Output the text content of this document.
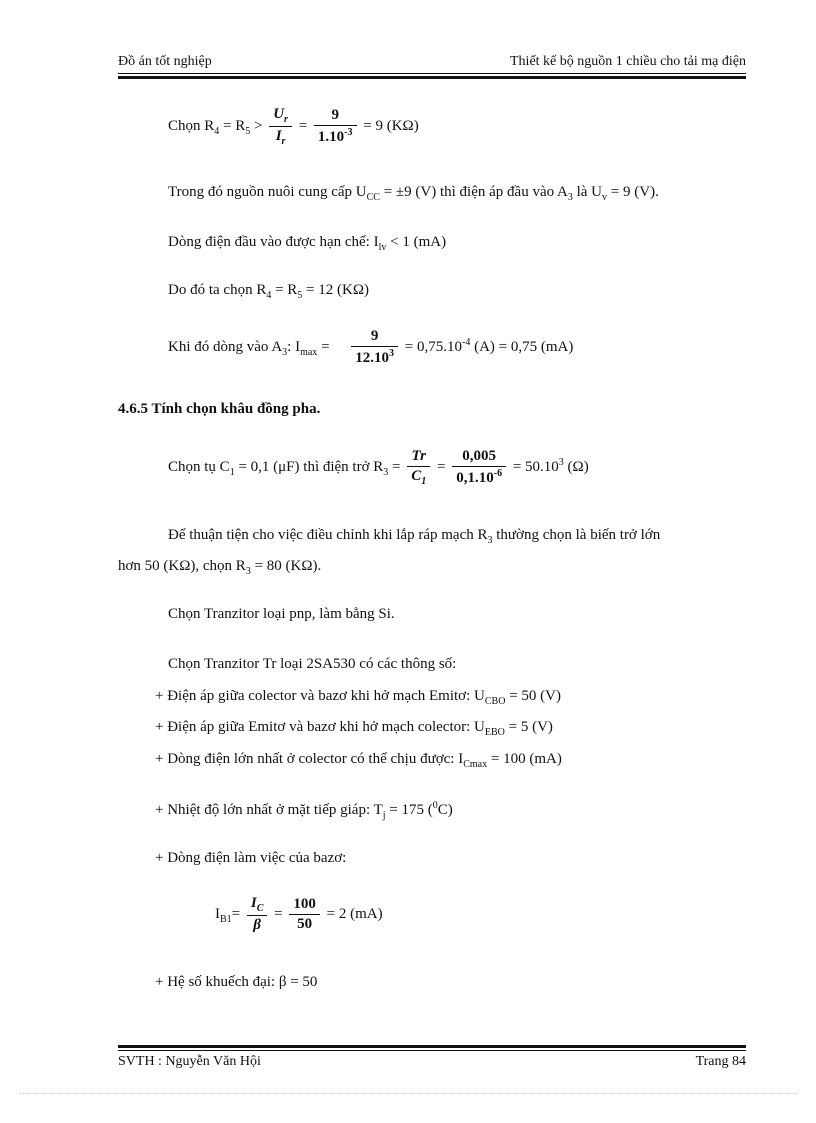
Đồ án tốt nghiệp	Thiết kế bộ nguồn 1 chiều cho tải mạ điện
Chọn $R_4 = R_5 > \frac{U_r}{I_r} = \frac{9}{1.10^{-3}} = 9$ (KΩ)
Trong đó nguồn nuôi cung cấp $U_{CC} = \pm 9$ (V) thì điện áp đầu vào $A_3$ là $U_v = 9$ (V).
Dòng điện đầu vào được hạn chế: $I_{lv} < 1$ (mA)
Do đó ta chọn $R_4 = R_5 = 12$ (KΩ)
Khi đó dòng vào $A_3$: $I_{max} = \frac{9}{12.10^3} = 0,75.10^{-4}$ (A) = 0,75 (mA)
4.6.5 Tính chọn khâu đồng pha.
Chọn tụ $C_1 = 0,1$ (μF) thì điện trở $R_3 = \frac{Tr}{C_1} = \frac{0,005}{0,1.10^{-6}} = 50.10^3$ (Ω)
Để thuận tiện cho việc điều chỉnh khi lắp ráp mạch $R_3$ thường chọn là biến trở lớn
hơn 50 (KΩ), chọn $R_3 = 80$ (KΩ).
Chọn Tranzitor loại pnp, làm bằng Si.
Chọn Tranzitor Tr loại 2SA530 có các thông số:
+ Điện áp giữa colector và bazơ khi hở mạch Emitơ: $U_{CBO} = 50$ (V)
+ Điện áp giữa Emitơ và bazơ khi hở mạch colector: $U_{EBO} = 5$ (V)
+ Dòng điện lớn nhất ở colector có thể chịu được: $I_{Cmax} = 100$ (mA)
+ Nhiệt độ lớn nhất ở mặt tiếp giáp: $T_j = 175$ ($^0$C)
+ Dòng điện làm việc của bazơ:
$I_{B1}= \frac{I_C}{\beta} = \frac{100}{50} = 2$ (mA)
+ Hệ số khuếch đại: β = 50
SVTH : Nguyễn Văn Hội	Trang 84
